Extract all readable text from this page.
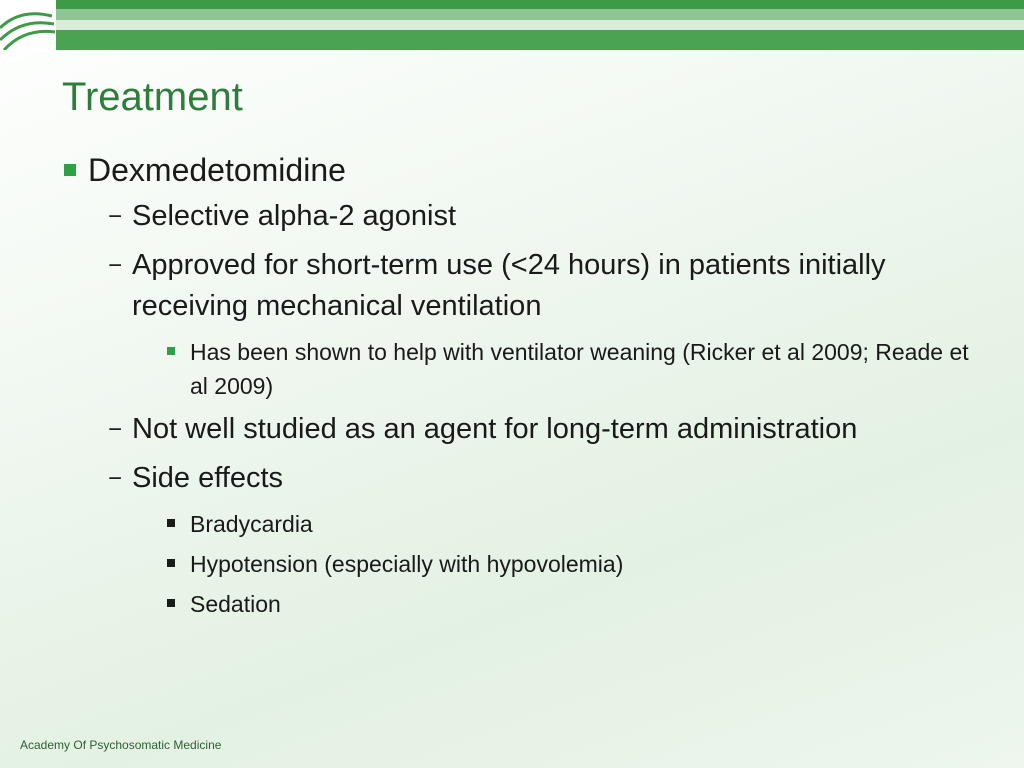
Treatment
Dexmedetomidine
− Selective alpha-2 agonist
− Approved for short-term use (<24 hours) in patients initially receiving mechanical ventilation
Has been shown to help with ventilator weaning (Ricker et al 2009; Reade et al 2009)
− Not well studied as an agent for long-term administration
− Side effects
Bradycardia
Hypotension (especially with hypovolemia)
Sedation
Academy Of Psychosomatic Medicine
